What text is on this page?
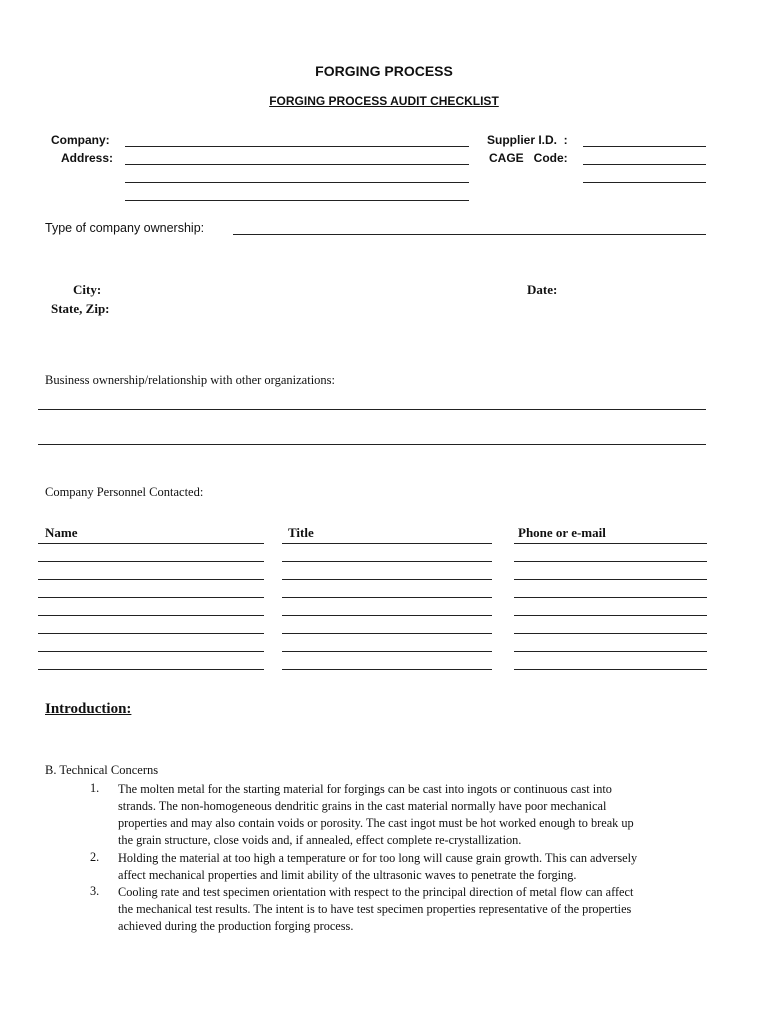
FORGING PROCESS
FORGING PROCESS AUDIT CHECKLIST
Company:
Address:
Supplier I.D.  :
CAGE   Code:
Type of company ownership:
City:
State, Zip:
Date:
Business ownership/relationship with other organizations:
Company Personnel Contacted:
Name	Title	Phone or e-mail
Introduction:
B. Technical Concerns
1. The molten metal for the starting material for forgings can be cast into ingots or continuous cast into
strands. The non-homogeneous dendritic grains in the cast material normally have poor mechanical
properties and may also contain voids or porosity. The cast ingot must be hot worked enough to break up
the grain structure, close voids and, if annealed, effect complete re-crystallization.
2. Holding the material at too high a temperature or for too long will cause grain growth. This can adversely
affect mechanical properties and limit ability of the ultrasonic waves to penetrate the forging.
3. Cooling rate and test specimen orientation with respect to the principal direction of metal flow can affect
the mechanical test results. The intent is to have test specimen properties representative of the properties
achieved during the production forging process.
